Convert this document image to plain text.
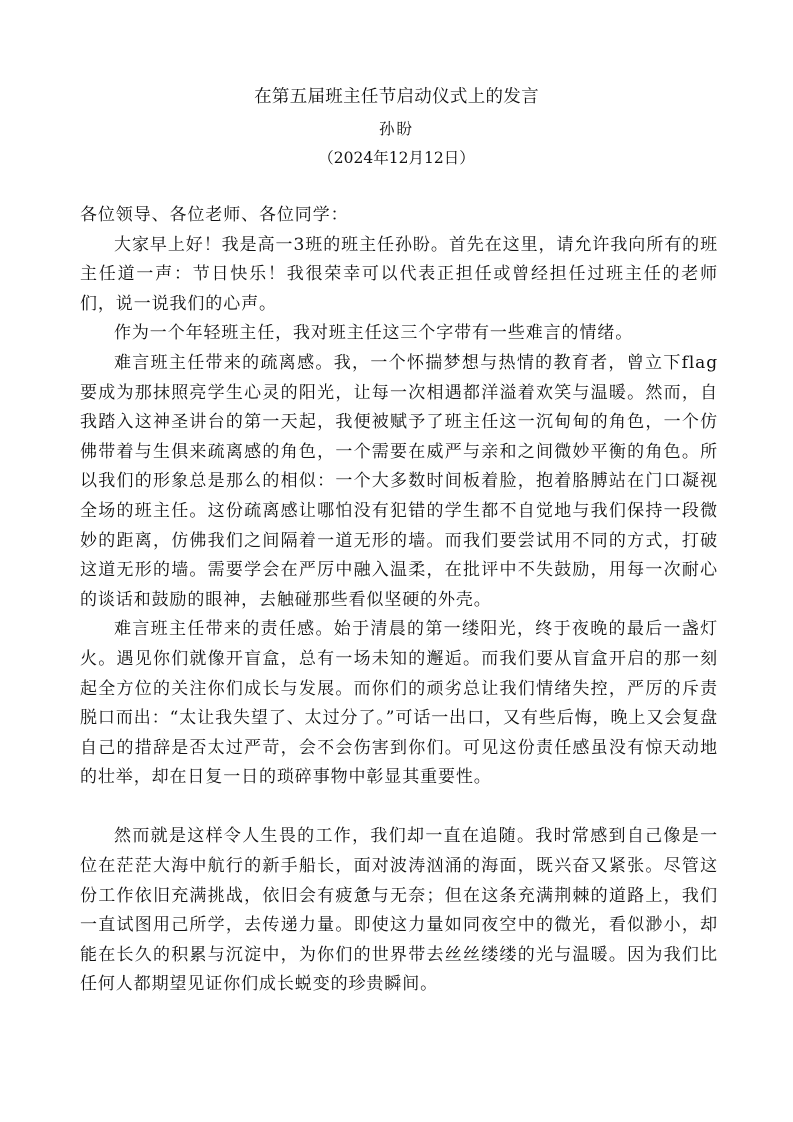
在第五届班主任节启动仪式上的发言
孙盼
（2024年12月12日）

各位领导、各位老师、各位同学：

大家早上好！我是高一3班的班主任孙盼。首先在这里，请允许我向所有的班主任道一声：节日快乐！我很荣幸可以代表正担任或曾经担任过班主任的老师们，说一说我们的心声。

作为一个年轻班主任，我对班主任这三个字带有一些难言的情绪。

难言班主任带来的疏离感。我，一个怀揣梦想与热情的教育者，曾立下flag要成为那抹照亮学生心灵的阳光，让每一次相遇都洋溢着欢笑与温暖。然而，自我踏入这神圣讲台的第一天起，我便被赋予了班主任这一沉甸甸的角色，一个仿佛带着与生俱来疏离感的角色，一个需要在威严与亲和之间微妙平衡的角色。所以我们的形象总是那么的相似：一个大多数时间板着脸，抱着胳膊站在门口凝视全场的班主任。这份疏离感让哪怕没有犯错的学生都不自觉地与我们保持一段微妙的距离，仿佛我们之间隔着一道无形的墙。而我们要尝试用不同的方式，打破这道无形的墙。需要学会在严厉中融入温柔，在批评中不失鼓励，用每一次耐心的谈话和鼓励的眼神，去触碰那些看似坚硬的外壳。

难言班主任带来的责任感。始于清晨的第一缕阳光，终于夜晚的最后一盏灯火。遇见你们就像开盲盒，总有一场未知的邂逅。而我们要从盲盒开启的那一刻起全方位的关注你们成长与发展。而你们的顽劣总让我们情绪失控，严厉的斥责脱口而出：“太让我失望了、太过分了。”可话一出口，又有些后悔，晚上又会复盘自己的措辞是否太过严苛，会不会伤害到你们。可见这份责任感虽没有惊天动地的壮举，却在日复一日的琐碎事物中彰显其重要性。

然而就是这样令人生畏的工作，我们却一直在追随。我时常感到自己像是一位在茫茫大海中航行的新手船长，面对波涛汹涌的海面，既兴奋又紧张。尽管这份工作依旧充满挑战，依旧会有疲惫与无奈；但在这条充满荆棘的道路上，我们一直试图用己所学，去传递力量。即使这力量如同夜空中的微光，看似渺小，却能在长久的积累与沉淀中，为你们的世界带去丝丝缕缕的光与温暖。因为我们比任何人都期望见证你们成长蜕变的珍贵瞬间。
